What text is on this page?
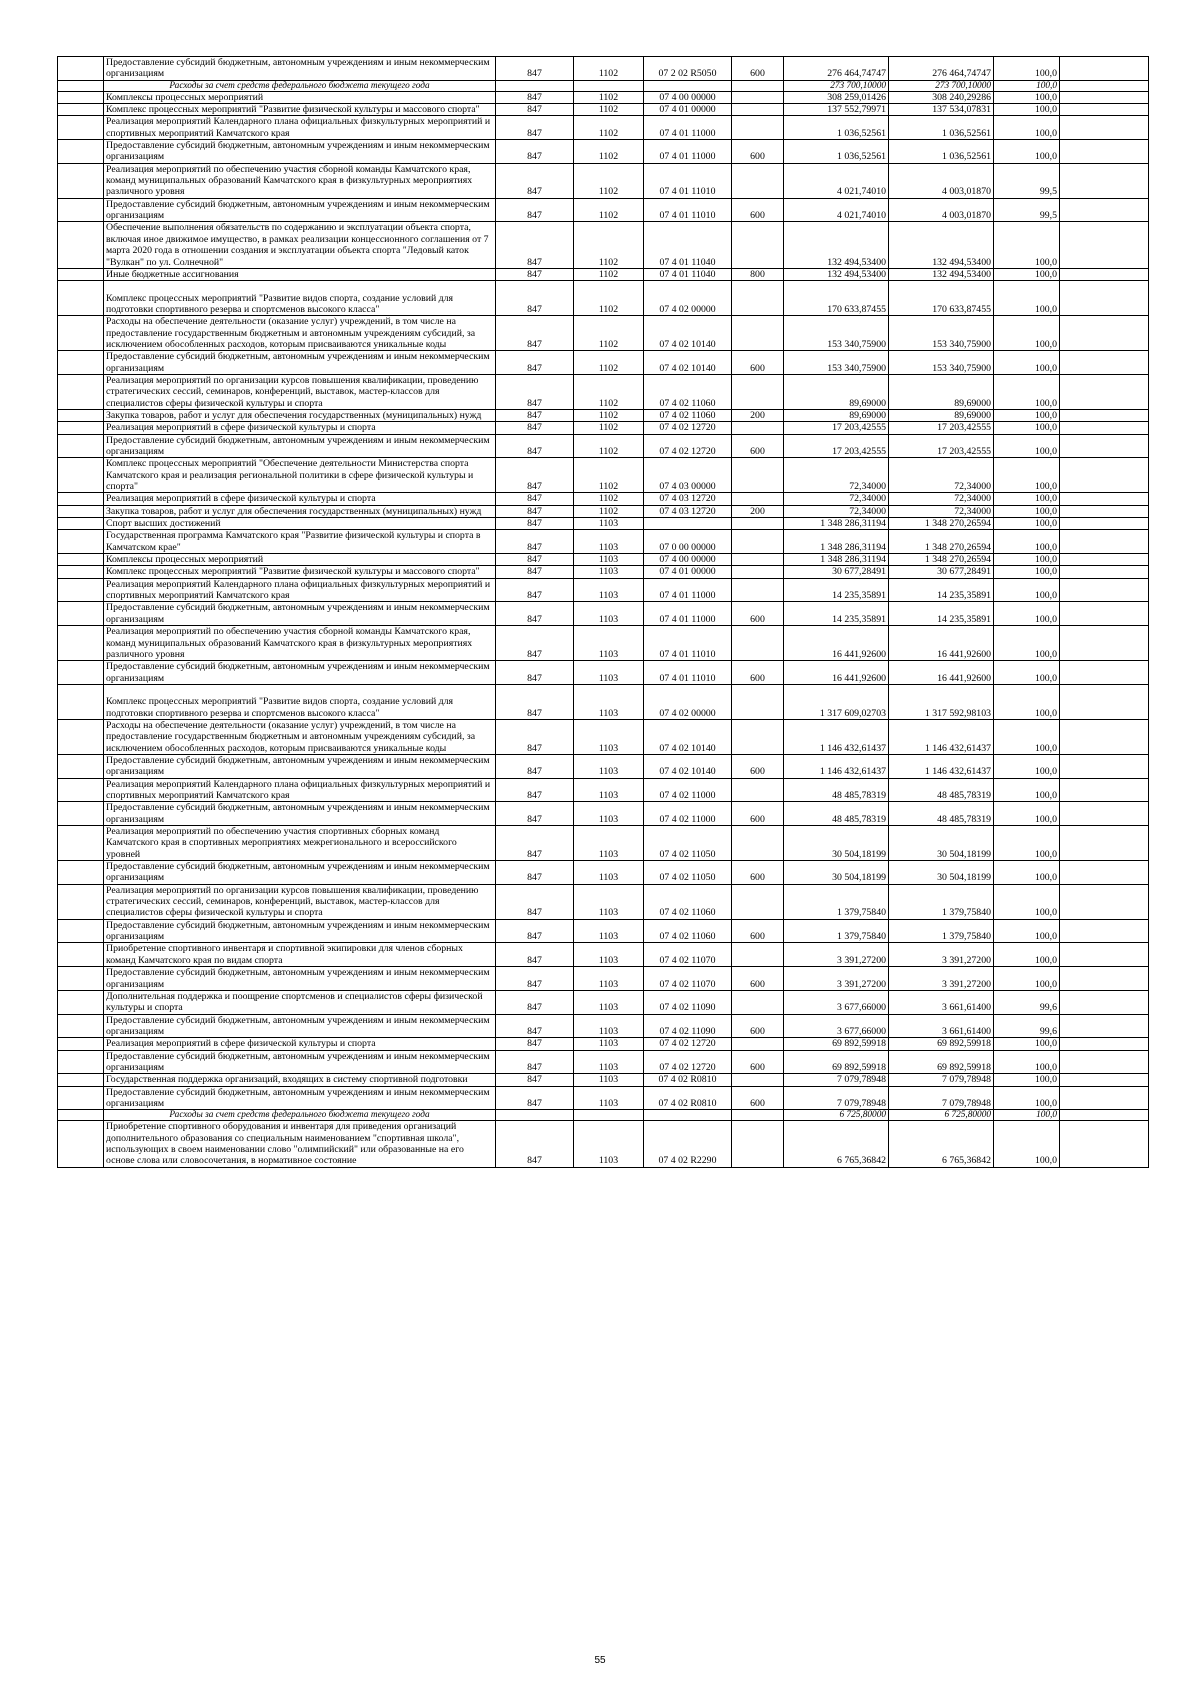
	Предоставление субсидий бюджетным, автономным учреждениям и иным некоммерческим организациям	847	1102	07 2 02 R5050	600	276 464,74747	276 464,74747	100,0	
	Расходы за счет средств федерального бюджета текущего года					273 700,10000	273 700,10000	100,0	
	Комплексы процессных мероприятий	847	1102	07 4 00 00000		308 259,01426	308 240,29286	100,0	
	Комплекс процессных мероприятий "Развитие физической культуры и массового спорта"	847	1102	07 4 01 00000		137 552,79971	137 534,07831	100,0	
	Реализация мероприятий Календарного плана официальных физкультурных мероприятий и спортивных мероприятий Камчатского края	847	1102	07 4 01 11000		1 036,52561	1 036,52561	100,0	
	Предоставление субсидий бюджетным, автономным учреждениям и иным некоммерческим организациям	847	1102	07 4 01 11000	600	1 036,52561	1 036,52561	100,0	
	Реализация мероприятий по обеспечению участия сборной команды Камчатского края, команд муниципальных образований Камчатского края в физкультурных мероприятиях различного уровня	847	1102	07 4 01 11010		4 021,74010	4 003,01870	99,5	
	Предоставление субсидий бюджетным, автономным учреждениям и иным некоммерческим организациям	847	1102	07 4 01 11010	600	4 021,74010	4 003,01870	99,5	
	Обеспечение выполнения обязательств по содержанию и эксплуатации объекта спорта, включая иное движимое имущество, в рамках реализации концессионного соглашения от 7 марта 2020 года в отношении создания и эксплуатации объекта спорта "Ледовый каток "Вулкан" по ул. Солнечной"	847	1102	07 4 01 11040		132 494,53400	132 494,53400	100,0	
	Иные бюджетные ассигнования	847	1102	07 4 01 11040	800	132 494,53400	132 494,53400	100,0	
	Комплекс процессных мероприятий "Развитие видов спорта, создание условий для подготовки спортивного резерва и спортсменов высокого класса"	847	1102	07 4 02 00000		170 633,87455	170 633,87455	100,0	
	Расходы на обеспечение деятельности (оказание услуг) учреждений, в том числе на предоставление государственным бюджетным и автономным учреждениям субсидий, за исключением обособленных расходов, которым присваиваются уникальные коды	847	1102	07 4 02 10140		153 340,75900	153 340,75900	100,0	
	Предоставление субсидий бюджетным, автономным учреждениям и иным некоммерческим организациям	847	1102	07 4 02 10140	600	153 340,75900	153 340,75900	100,0	
	Реализация мероприятий по организации курсов повышения квалификации, проведению стратегических сессий, семинаров, конференций, выставок, мастер-классов для специалистов сферы физической культуры и спорта	847	1102	07 4 02 11060		89,69000	89,69000	100,0	
	Закупка товаров, работ и услуг для обеспечения государственных (муниципальных) нужд	847	1102	07 4 02 11060	200	89,69000	89,69000	100,0	
	Реализация мероприятий в сфере физической культуры и спорта	847	1102	07 4 02 12720		17 203,42555	17 203,42555	100,0	
	Предоставление субсидий бюджетным, автономным учреждениям и иным некоммерческим организациям	847	1102	07 4 02 12720	600	17 203,42555	17 203,42555	100,0	
	Комплекс процессных мероприятий "Обеспечение деятельности Министерства спорта Камчатского края и реализация региональной политики в сфере физической культуры и спорта"	847	1102	07 4 03 00000		72,34000	72,34000	100,0	
	Реализация мероприятий в сфере физической культуры и спорта	847	1102	07 4 03 12720		72,34000	72,34000	100,0	
	Закупка товаров, работ и услуг для обеспечения государственных (муниципальных) нужд	847	1102	07 4 03 12720	200	72,34000	72,34000	100,0	
	Спорт высших достижений	847	1103			1 348 286,31194	1 348 270,26594	100,0	
	Государственная программа Камчатского края "Развитие физической культуры и спорта в Камчатском крае"	847	1103	07 0 00 00000		1 348 286,31194	1 348 270,26594	100,0	
	Комплексы процессных мероприятий	847	1103	07 4 00 00000		1 348 286,31194	1 348 270,26594	100,0	
	Комплекс процессных мероприятий "Развитие физической культуры и массового спорта"	847	1103	07 4 01 00000		30 677,28491	30 677,28491	100,0	
	Реализация мероприятий Календарного плана официальных физкультурных мероприятий и спортивных мероприятий Камчатского края	847	1103	07 4 01 11000		14 235,35891	14 235,35891	100,0	
	Предоставление субсидий бюджетным, автономным учреждениям и иным некоммерческим организациям	847	1103	07 4 01 11000	600	14 235,35891	14 235,35891	100,0	
	Реализация мероприятий по обеспечению участия сборной команды Камчатского края, команд муниципальных образований Камчатского края в физкультурных мероприятиях различного уровня	847	1103	07 4 01 11010		16 441,92600	16 441,92600	100,0	
	Предоставление субсидий бюджетным, автономным учреждениям и иным некоммерческим организациям	847	1103	07 4 01 11010	600	16 441,92600	16 441,92600	100,0	
	Комплекс процессных мероприятий "Развитие видов спорта, создание условий для подготовки спортивного резерва и спортсменов высокого класса"	847	1103	07 4 02 00000		1 317 609,02703	1 317 592,98103	100,0	
	Расходы на обеспечение деятельности (оказание услуг) учреждений, в том числе на предоставление государственным бюджетным и автономным учреждениям субсидий, за исключением обособленных расходов, которым присваиваются уникальные коды	847	1103	07 4 02 10140		1 146 432,61437	1 146 432,61437	100,0	
	Предоставление субсидий бюджетным, автономным учреждениям и иным некоммерческим организациям	847	1103	07 4 02 10140	600	1 146 432,61437	1 146 432,61437	100,0	
	Реализация мероприятий Календарного плана официальных физкультурных мероприятий и спортивных мероприятий Камчатского края	847	1103	07 4 02 11000		48 485,78319	48 485,78319	100,0	
	Предоставление субсидий бюджетным, автономным учреждениям и иным некоммерческим организациям	847	1103	07 4 02 11000	600	48 485,78319	48 485,78319	100,0	
	Реализация мероприятий по обеспечению участия спортивных сборных команд Камчатского края в спортивных мероприятиях межрегионального и всероссийского уровней	847	1103	07 4 02 11050		30 504,18199	30 504,18199	100,0	
	Предоставление субсидий бюджетным, автономным учреждениям и иным некоммерческим организациям	847	1103	07 4 02 11050	600	30 504,18199	30 504,18199	100,0	
	Реализация мероприятий по организации курсов повышения квалификации, проведению стратегических сессий, семинаров, конференций, выставок, мастер-классов для специалистов сферы физической культуры и спорта	847	1103	07 4 02 11060		1 379,75840	1 379,75840	100,0	
	Предоставление субсидий бюджетным, автономным учреждениям и иным некоммерческим организациям	847	1103	07 4 02 11060	600	1 379,75840	1 379,75840	100,0	
	Приобретение спортивного инвентаря и спортивной экипировки для членов сборных команд Камчатского края по видам спорта	847	1103	07 4 02 11070		3 391,27200	3 391,27200	100,0	
	Предоставление субсидий бюджетным, автономным учреждениям и иным некоммерческим организациям	847	1103	07 4 02 11070	600	3 391,27200	3 391,27200	100,0	
	Дополнительная поддержка и поощрение спортсменов и специалистов сферы физической культуры и спорта	847	1103	07 4 02 11090		3 677,66000	3 661,61400	99,6	
	Предоставление субсидий бюджетным, автономным учреждениям и иным некоммерческим организациям	847	1103	07 4 02 11090	600	3 677,66000	3 661,61400	99,6	
	Реализация мероприятий в сфере физической культуры и спорта	847	1103	07 4 02 12720		69 892,59918	69 892,59918	100,0	
	Предоставление субсидий бюджетным, автономным учреждениям и иным некоммерческим организациям	847	1103	07 4 02 12720	600	69 892,59918	69 892,59918	100,0	
	Государственная поддержка организаций, входящих в систему спортивной подготовки	847	1103	07 4 02 R0810		7 079,78948	7 079,78948	100,0	
	Предоставление субсидий бюджетным, автономным учреждениям и иным некоммерческим организациям	847	1103	07 4 02 R0810	600	7 079,78948	7 079,78948	100,0	
	Расходы за счет средств федерального бюджета текущего года					6 725,80000	6 725,80000	100,0	
	Приобретение спортивного оборудования и инвентаря для приведения организаций дополнительного образования со специальным наименованием "спортивная школа", использующих в своем наименовании слово "олимпийский" или образованные на его основе слова или словосочетания, в нормативное состояние	847	1103	07 4 02 R2290		6 765,36842	6 765,36842	100,0	
55
